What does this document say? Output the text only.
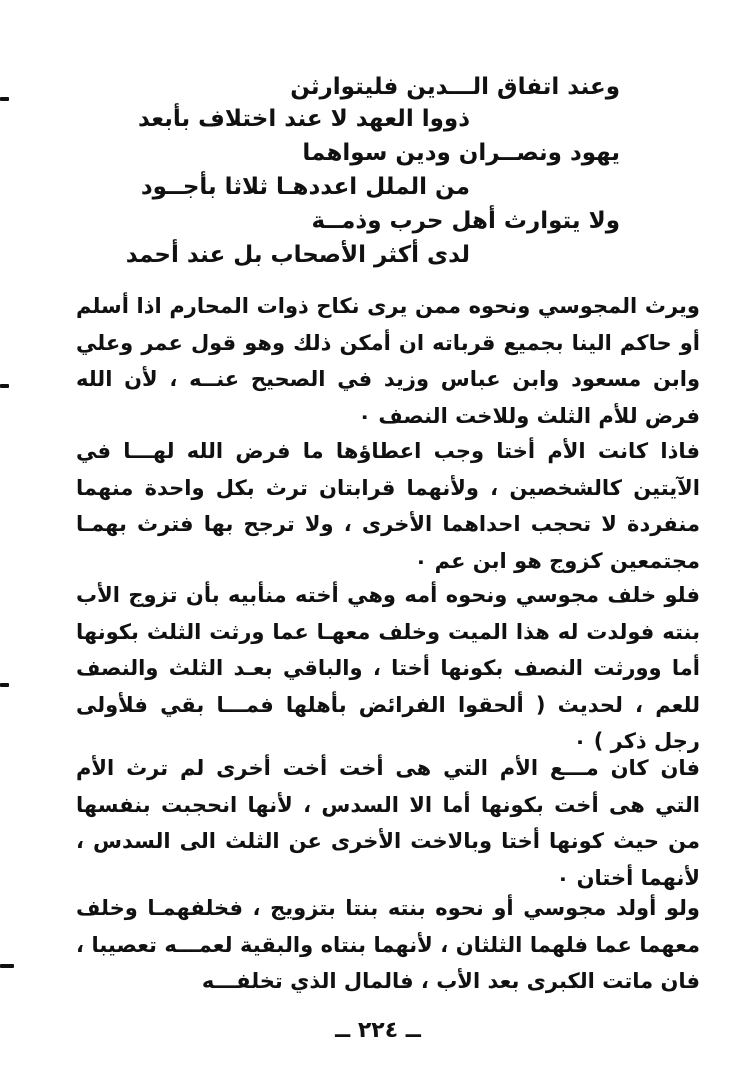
وعند اتفاق الـــدين فليتوارثن
ذووا العهد لا عند اختلاف بأبعد
يهود ونصــران ودين سواهما
من الملل اعددهـا ثلاثا بأجــود
ولا يتوارث أهل حرب وذمــة
لدى أكثر الأصحاب بل عند أحمد

ويرث المجوسي ونحوه ممن يرى نكاح ذوات المحارم اذا أسلم أو حاكم الينا بجميع قرباته ان أمكن ذلك وهو قول عمر وعلي وابن مسعود وابن عباس وزيد في الصحيح عنــه ، لأن الله فرض للأم الثلث وللاخت النصف ٠

فاذا كانت الأم أختا وجب اعطاؤها ما فرض الله لهـــا في الآيتين كالشخصين ، ولأنهما قرابتان ترث بكل واحدة منهما منفردة لا تحجب احداهما الأخرى ، ولا ترجح بها فترث بهمـا مجتمعين كزوج هو ابن عم ٠

فلو خلف مجوسي ونحوه أمه وهي أخته منأبيه بأن تزوج الأب بنته فولدت له هذا الميت وخلف معهـا عما ورثت الثلث بكونها أما وورثت النصف بكونها أختا ، والباقي بعـد الثلث والنصف للعم ، لحديث ( ألحقوا الفرائض بأهلها فمـــا بقي فلأولى رجل ذكر ) ٠

فان كان مـــع الأم التي هى أخت أخت أخرى لم ترث الأم التي هى أخت بكونها أما الا السدس ، لأنها انحجبت بنفسها من حيث كونها أختا وبالاخت الأخرى عن الثلث الى السدس ، لأنهما أختان ٠

ولو أولد مجوسي أو نحوه بنته بنتا بتزويج ، فخلفهمـا وخلف معهما عما فلهما الثلثان ، لأنهما بنتاه والبقية لعمـــه تعصيبا ، فان ماتت الكبرى بعد الأب ، فالمال الذي تخلفـــه

ــ ٢٢٤ ــ
